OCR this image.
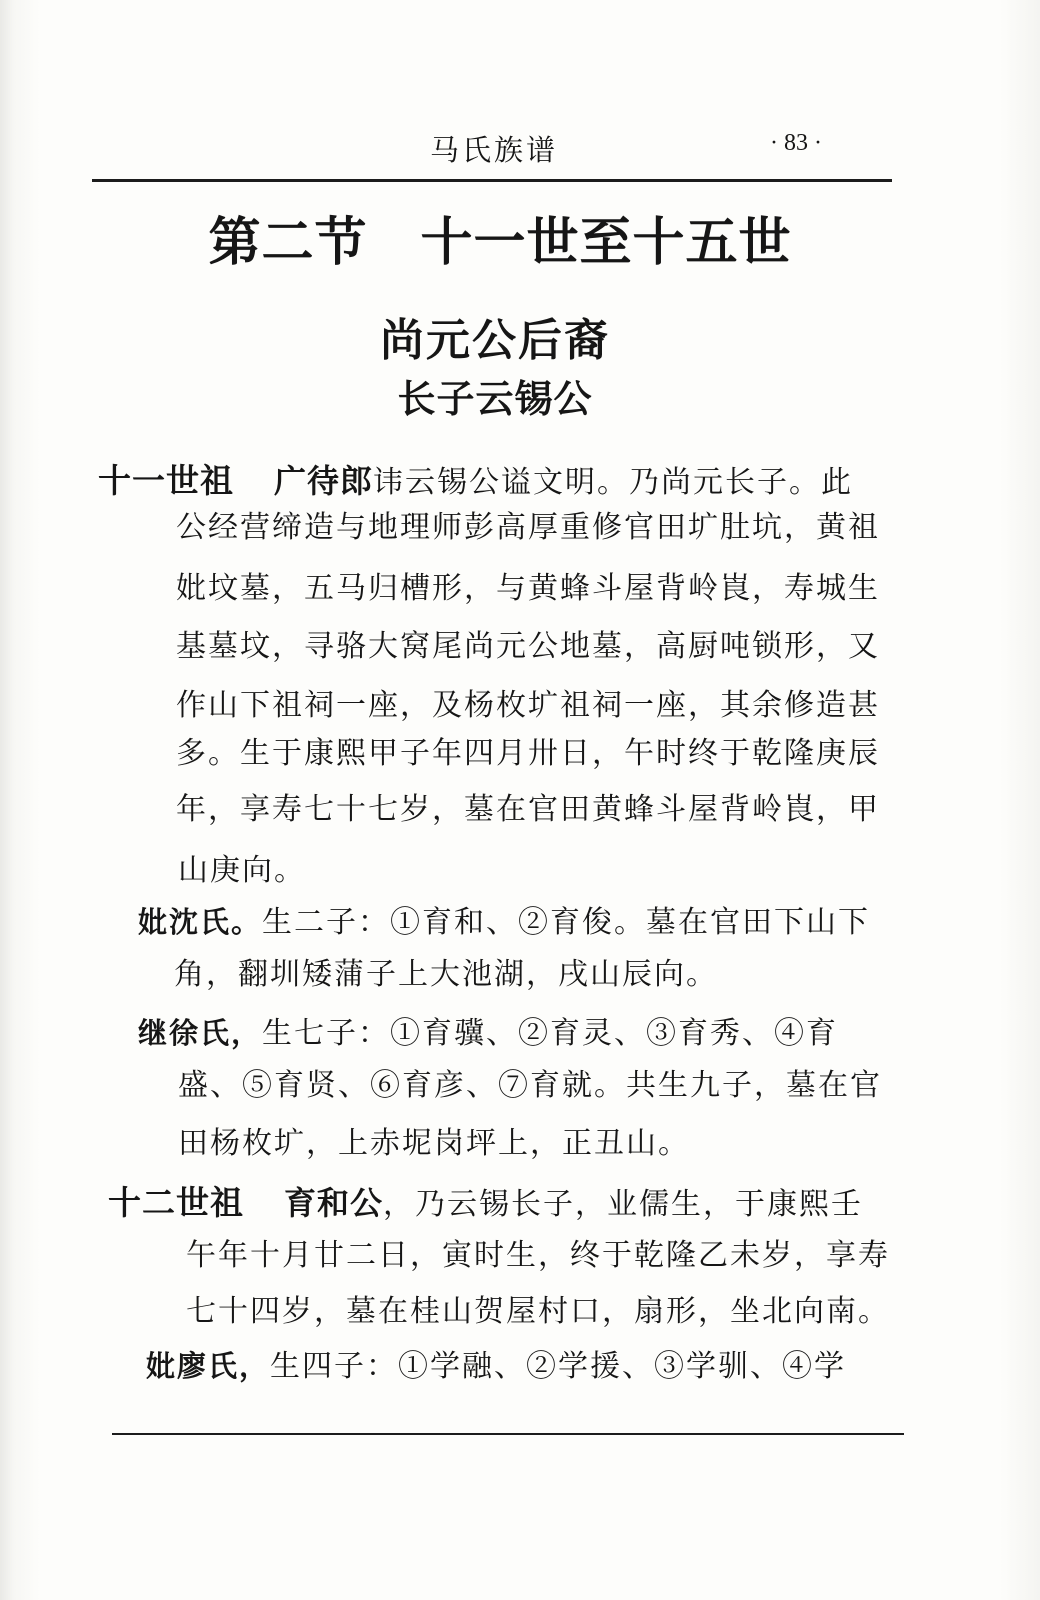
马氏族谱	· 83 ·
第二节　十一世至十五世
尚元公后裔
长子云锡公
十一世祖 广待郎讳云锡公谥文明。乃尚元长子。此
公经营缔造与地理师彭高厚重修官田圹肚坑，黄祖
妣坟墓，五马归槽形，与黄蜂斗屋背岭崀，寿城生
基墓坟，寻骆大窝尾尚元公地墓，高厨吨锁形，又
作山下祖祠一座，及杨枚圹祖祠一座，其余修造甚
多。生于康熙甲子年四月卅日，午时终于乾隆庚辰
年，享寿七十七岁，墓在官田黄蜂斗屋背岭崀，甲
山庚向。
妣沈氏。生二子：①育和、②育俊。墓在官田下山下
角，翻圳矮蒲子上大池湖，戌山辰向。
继徐氏，生七子：①育骥、②育灵、③育秀、④育
盛、⑤育贤、⑥育彦、⑦育就。共生九子，墓在官
田杨枚圹，上赤坭岗坪上，正丑山。
十二世祖 育和公，乃云锡长子，业儒生，于康熙壬
午年十月廿二日，寅时生，终于乾隆乙未岁，享寿
七十四岁，墓在桂山贺屋村口，扇形，坐北向南。
妣廖氏，生四子：①学融、②学援、③学驯、④学
